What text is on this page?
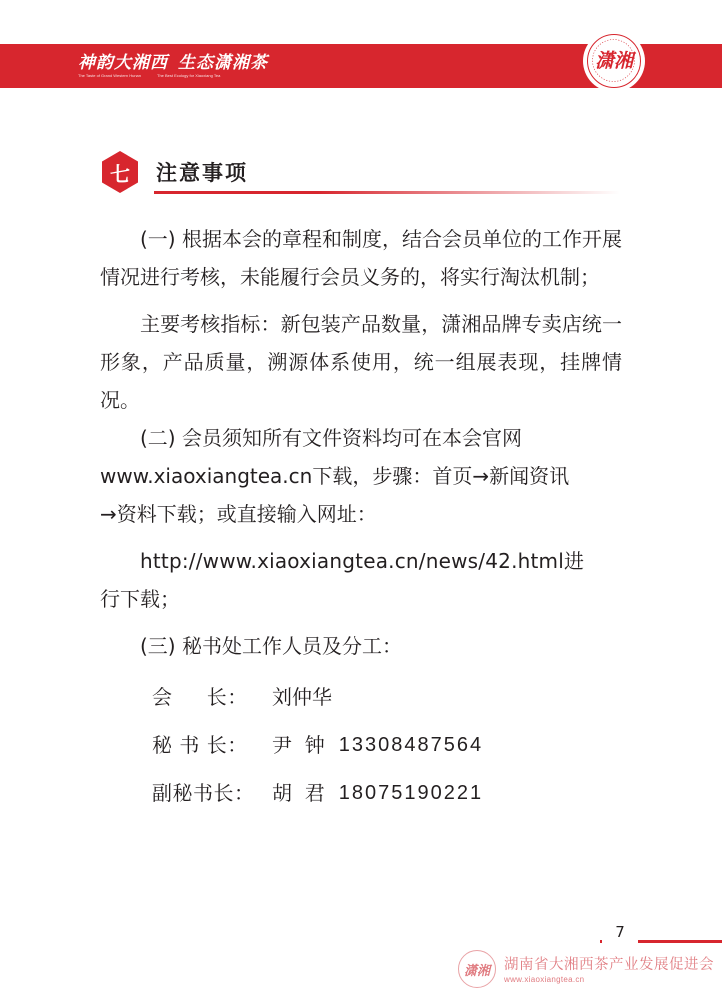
神韵大湘西 生态潇湘茶
The Taste of Grand Western Hunan	The Best Ecology for Xiaoxiang Tea
潇湘
七	注意事项

(一) 根据本会的章程和制度，结合会员单位的工作开展情况进行考核，未能履行会员义务的，将实行淘汰机制；

主要考核指标：新包装产品数量，潇湘品牌专卖店统一形象，产品质量，溯源体系使用，统一组展表现，挂牌情况。

(二) 会员须知所有文件资料均可在本会官网
www.xiaoxiangtea.cn下载，步骤：首页→新闻资讯
→资料下载；或直接输入网址：
http://www.xiaoxiangtea.cn/news/42.html进
行下载；

(三) 秘书处工作人员及分工：

会     长：	刘仲华
秘 书 长：	尹  钟 13308487564
副秘书长： 胡  君 18075190221
7
潇湘 湖南省大湘西茶产业发展促进会
www.xiaoxiangtea.cn
